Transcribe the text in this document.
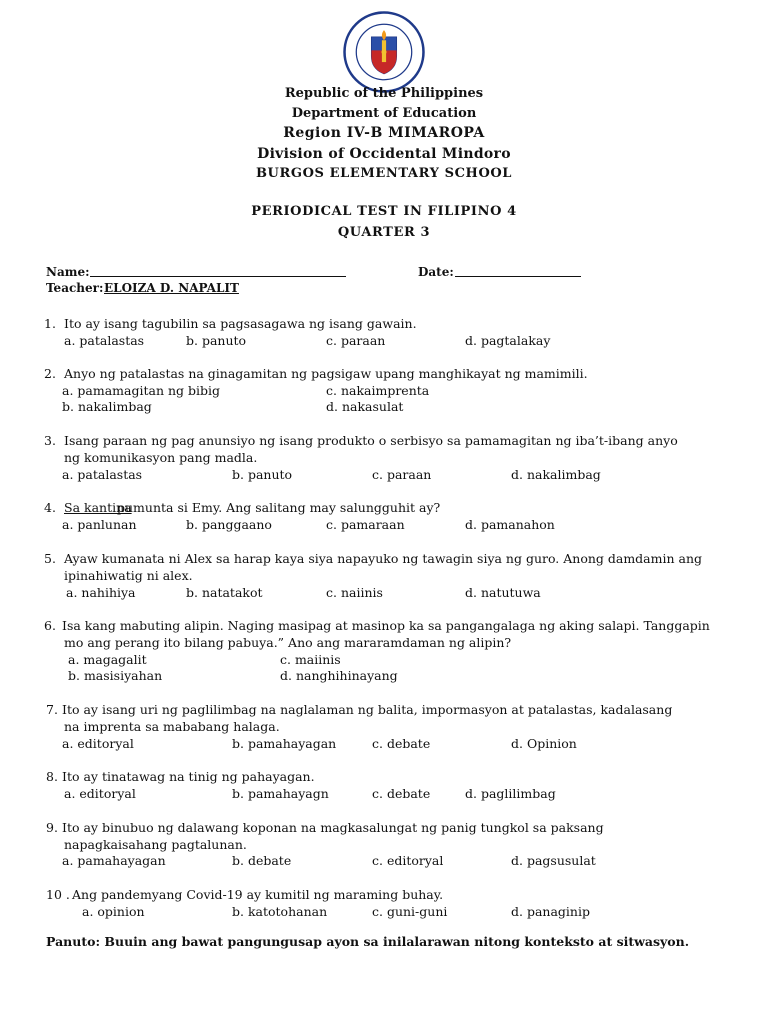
Republic of the Philippines
Department of Education
Region IV-B MIMAROPA
Division of Occidental Mindoro
BURGOS ELEMENTARY SCHOOL
PERIODICAL TEST IN FILIPINO 4
QUARTER 3
Name:	Date:
Teacher: ELOIZA D. NAPALIT
1. Ito ay isang tagubilin sa pagsasagawa ng isang gawain.
a. patalastas	b. panuto	c. paraan	d. pagtalakay
2. Anyo ng patalastas na ginagamitan ng pagsigaw upang manghikayat ng mamimili.
a. pamamagitan ng bibig	c. nakaimprenta
b. nakalimbag	d. nakasulat
3. Isang paraan ng pag anunsiyo ng isang produkto o serbisyo sa pamamagitan ng iba’t-ibang anyo
ng komunikasyon pang madla.
a. patalastas	b. panuto	c. paraan	d. nakalimbag
4. Sa kantina
pumunta si Emy. Ang salitang may salungguhit ay?
a. panlunan	b. panggaano	c. pamaraan	d. pamanahon
5. Ayaw kumanata ni Alex sa harap kaya siya napayuko ng tawagin siya ng guro. Anong damdamin ang
ipinahiwatig ni alex.
a. nahihiya	b. natatakot	c. naiinis	d. natutuwa
6. Isa kang mabuting alipin. Naging masipag at masinop ka sa pangangalaga ng aking salapi. Tanggapin
mo ang perang ito bilang pabuya.” Ano ang mararamdaman ng alipin?
a. magagalit	c. maiinis
b. masisiyahan	d. nanghihinayang
7. Ito ay isang uri ng paglilimbag na naglalaman ng balita, impormasyon at patalastas, kadalasang
na imprenta sa mababang halaga.
a. editoryal	b. pamahayagan	c. debate	d. Opinion
8. Ito ay tinatawag na tinig ng pahayagan.
a. editoryal	b. pamahayagn	c. debate	d. paglilimbag
9. Ito ay binubuo ng dalawang koponan na magkasalungat ng panig tungkol sa paksang
napagkaisahang pagtalunan.
a. pamahayagan	b. debate	c. editoryal	d. pagsusulat
10 . Ang pandemyang Covid-19 ay kumitil ng maraming buhay.
a. opinion	b. katotohanan	c. guni-guni	d. panaginip
Panuto: Buuin ang bawat pangungusap ayon sa inilalarawan nitong konteksto at sitwasyon.
